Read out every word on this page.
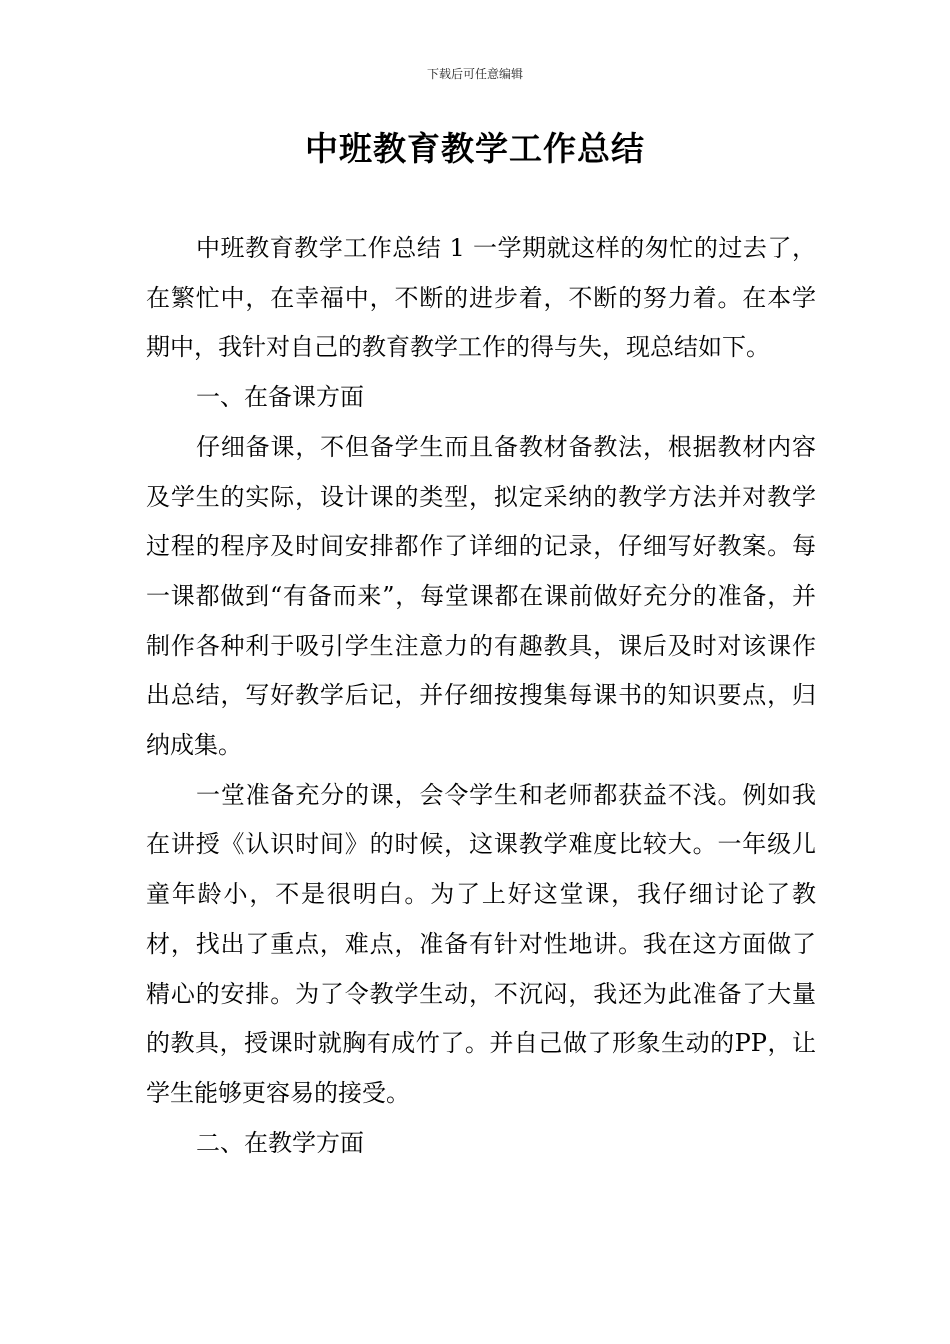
下载后可任意编辑
中班教育教学工作总结

中班教育教学工作总结 1 一学期就这样的匆忙的过去了，在繁忙中，在幸福中，不断的进步着，不断的努力着。在本学期中，我针对自己的教育教学工作的得与失，现总结如下。

一、在备课方面

仔细备课，不但备学生而且备教材备教法，根据教材内容及学生的实际，设计课的类型，拟定采纳的教学方法并对教学过程的程序及时间安排都作了详细的记录，仔细写好教案。每一课都做到“有备而来”，每堂课都在课前做好充分的准备，并制作各种利于吸引学生注意力的有趣教具，课后及时对该课作出总结，写好教学后记，并仔细按搜集每课书的知识要点，归纳成集。

一堂准备充分的课，会令学生和老师都获益不浅。例如我在讲授《认识时间》的时候，这课教学难度比较大。一年级儿童年龄小，不是很明白。为了上好这堂课，我仔细讨论了教材，找出了重点，难点，准备有针对性地讲。我在这方面做了精心的安排。为了令教学生动，不沉闷，我还为此准备了大量的教具，授课时就胸有成竹了。并自己做了形象生动的PP，让学生能够更容易的接受。

二、在教学方面
